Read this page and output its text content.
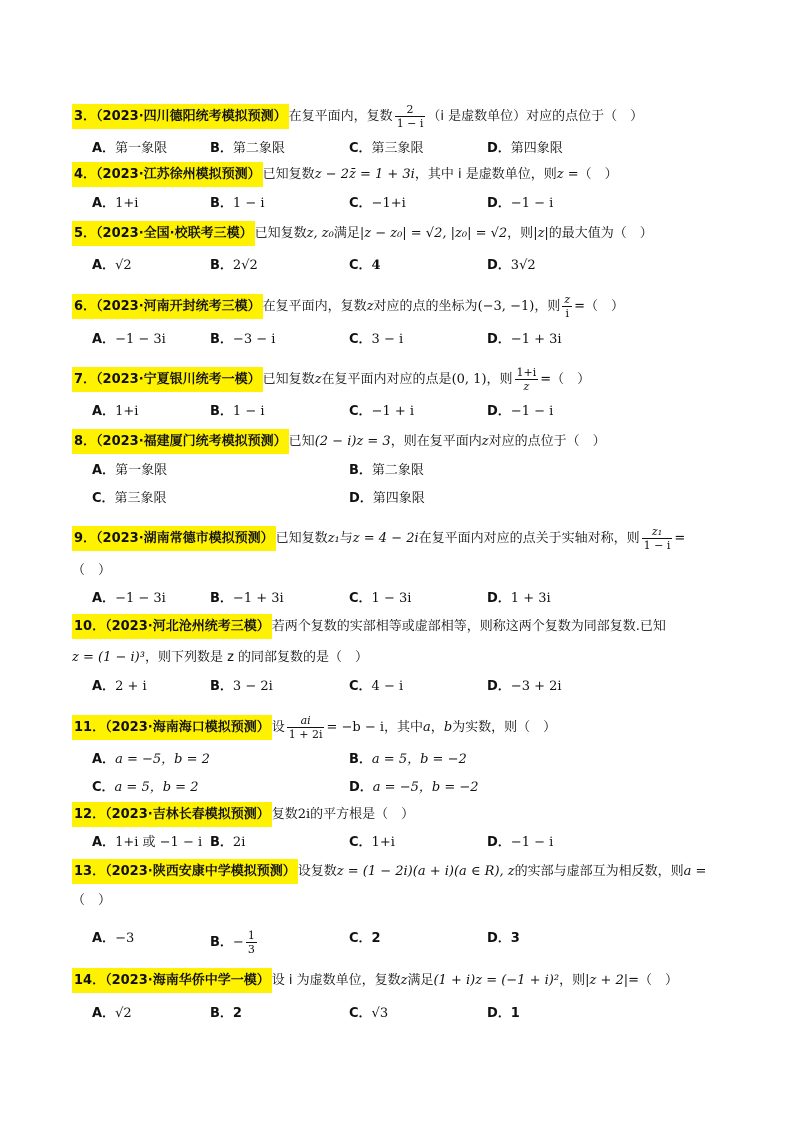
3．（2023·四川德阳统考模拟预测） 在复平面内，复数 $\frac{2}{1 - i} (i$ 是虚数单位）对应的点位于（　）
A．第一象限	B．第二象限	C．第三象限	D．第四象限
4．（2023·江苏徐州模拟预测） 已知复数z − 2z̄ = 1 + 3i，其中 i 是虚数单位，则z =（　）
A．1+i	B．1 − i	C．−1+i	D．−1 − i
5．（2023·全国·校联考三模） 已知复数z, z₀满足|z − z₀| = √2, |z₀| = √2，则|z|的最大值为（　）
A．√2	B．2√2	C．4	D．3√2
6．（2023·河南开封统考三模） 在复平面内，复数z对应的点的坐标为(−3, −1)，则 $\frac{z}{i}$ =（　）
A．−1 − 3i	B．−3 − i	C．3 − i	D．−1 + 3i
7．（2023·宁夏银川统考一模） 已知复数z在复平面内对应的点是(0, 1)，则 $\frac{1+i}{z}$ =（　）
A．1+i	B．1 − i	C．−1 + i	D．−1 − i
8．（2023·福建厦门统考模拟预测） 已知(2 − i)z = 3，则在复平面内z对应的点位于（　）
A．第一象限	B．第二象限
C．第三象限	D．第四象限
9．（2023·湖南常德市模拟预测） 已知复数z₁与z = 4 − 2i在复平面内对应的点关于实轴对称，则 $\frac{\text{z₁}}{1 - i}$ =
（　）
A．−1 − 3i	B．−1 + 3i	C．1 − 3i	D．1 + 3i
10．（2023·河北沧州统考三模） 若两个复数的实部相等或虚部相等，则称这两个复数为同部复数.已知
z = (1 − i)³，则下列数是 z 的同部复数的是（　）
A．2 + i	B．3 − 2i	C．4 − i	D．−3 + 2i
11．（2023·海南海口模拟预测） 设 $\frac{ai}{1 + 2i} = -b - i$，其中a，b为实数，则（　）
A．a = −5，b = 2	B．a = 5，b = −2
C．a = 5，b = 2	D．a = −5，b = −2
12．（2023·吉林长春模拟预测） 复数2i的平方根是（　）
A．1+i 或 −1 − i B．2i	C．1+i	D．−1 − i
13．（2023·陕西安康中学模拟预测） 设复数z = (1 − 2i)(a + i)(a ∈ R), z的实部与虚部互为相反数，则a =
（　）
A．−3	B．− $\frac{1}{3}$	C．2	D．3
14．（2023·海南华侨中学一模） 设 i 为虚数单位，复数z满足(1 + i)z = (−1 + i)²，则|z + 2|=（　）
A．√2	B．2	C．√3	D．1
